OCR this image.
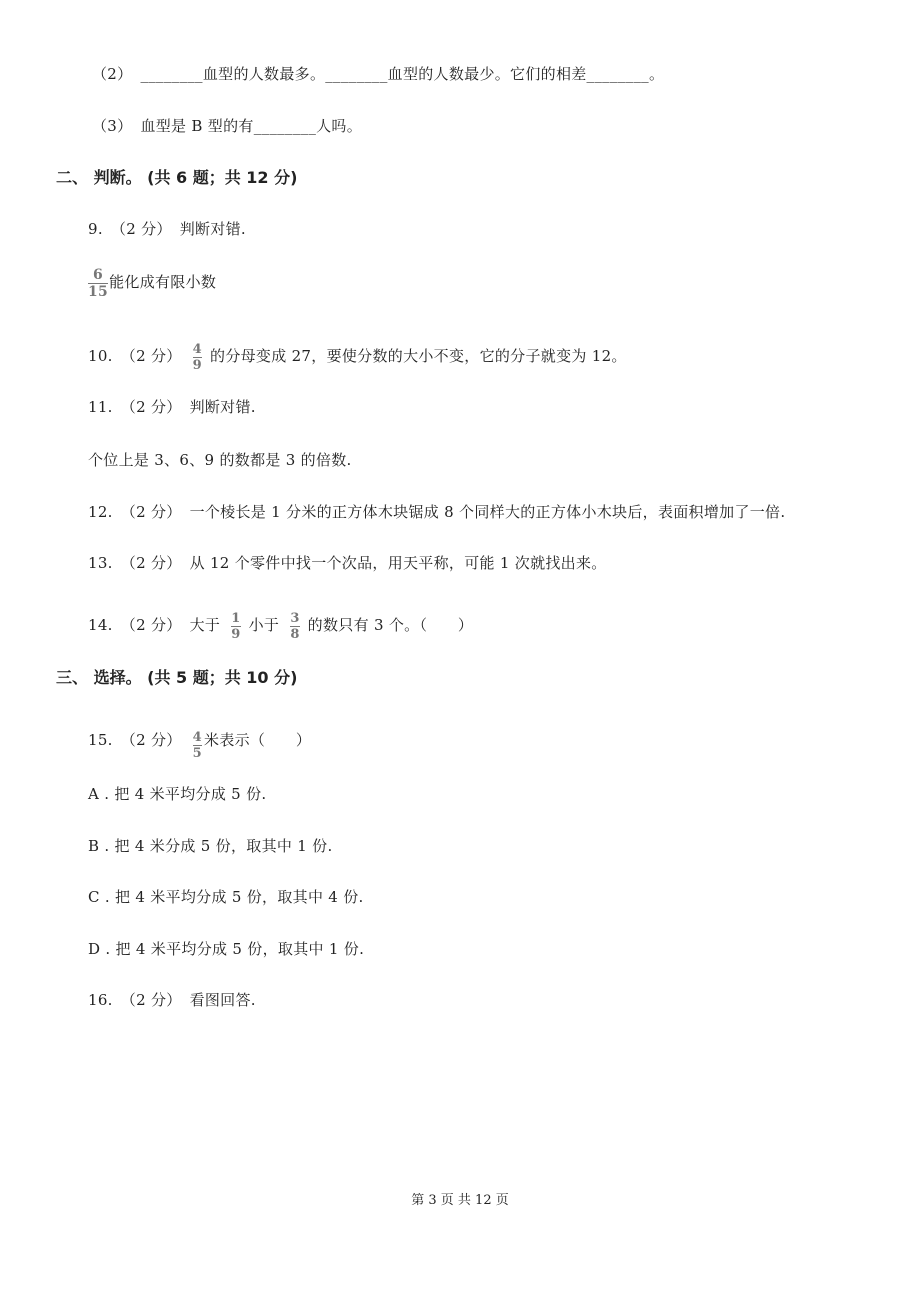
（2） ________血型的人数最多。________血型的人数最少。它们的相差________。
（3） 血型是 B 型的有________人吗。
二、 判断。 (共 6 题；共 12 分)
9. （2 分） 判断对错.
$\frac{6}{15}$ 能化成有限小数
10. （2 分） $\frac{4}{9}$ 的分母变成 27，要使分数的大小不变，它的分子就变为 12。
11. （2 分） 判断对错.
个位上是 3、6、9 的数都是 3 的倍数.
12. （2 分） 一个棱长是 1 分米的正方体木块锯成 8 个同样大的正方体小木块后，表面积增加了一倍.
13. （2 分） 从 12 个零件中找一个次品，用天平称，可能 1 次就找出来。
14. （2 分） 大于 $\frac{1}{9}$ 小于 $\frac{3}{8}$ 的数只有 3 个。（　　）
三、 选择。 (共 5 题；共 10 分)
15. （2 分） $\frac{4}{5}$ 米表示（　　）
A . 把 4 米平均分成 5 份.
B . 把 4 米分成 5 份，取其中 1 份.
C . 把 4 米平均分成 5 份，取其中 4 份.
D . 把 4 米平均分成 5 份，取其中 1 份.
16. （2 分） 看图回答.
第 3 页 共 12 页
